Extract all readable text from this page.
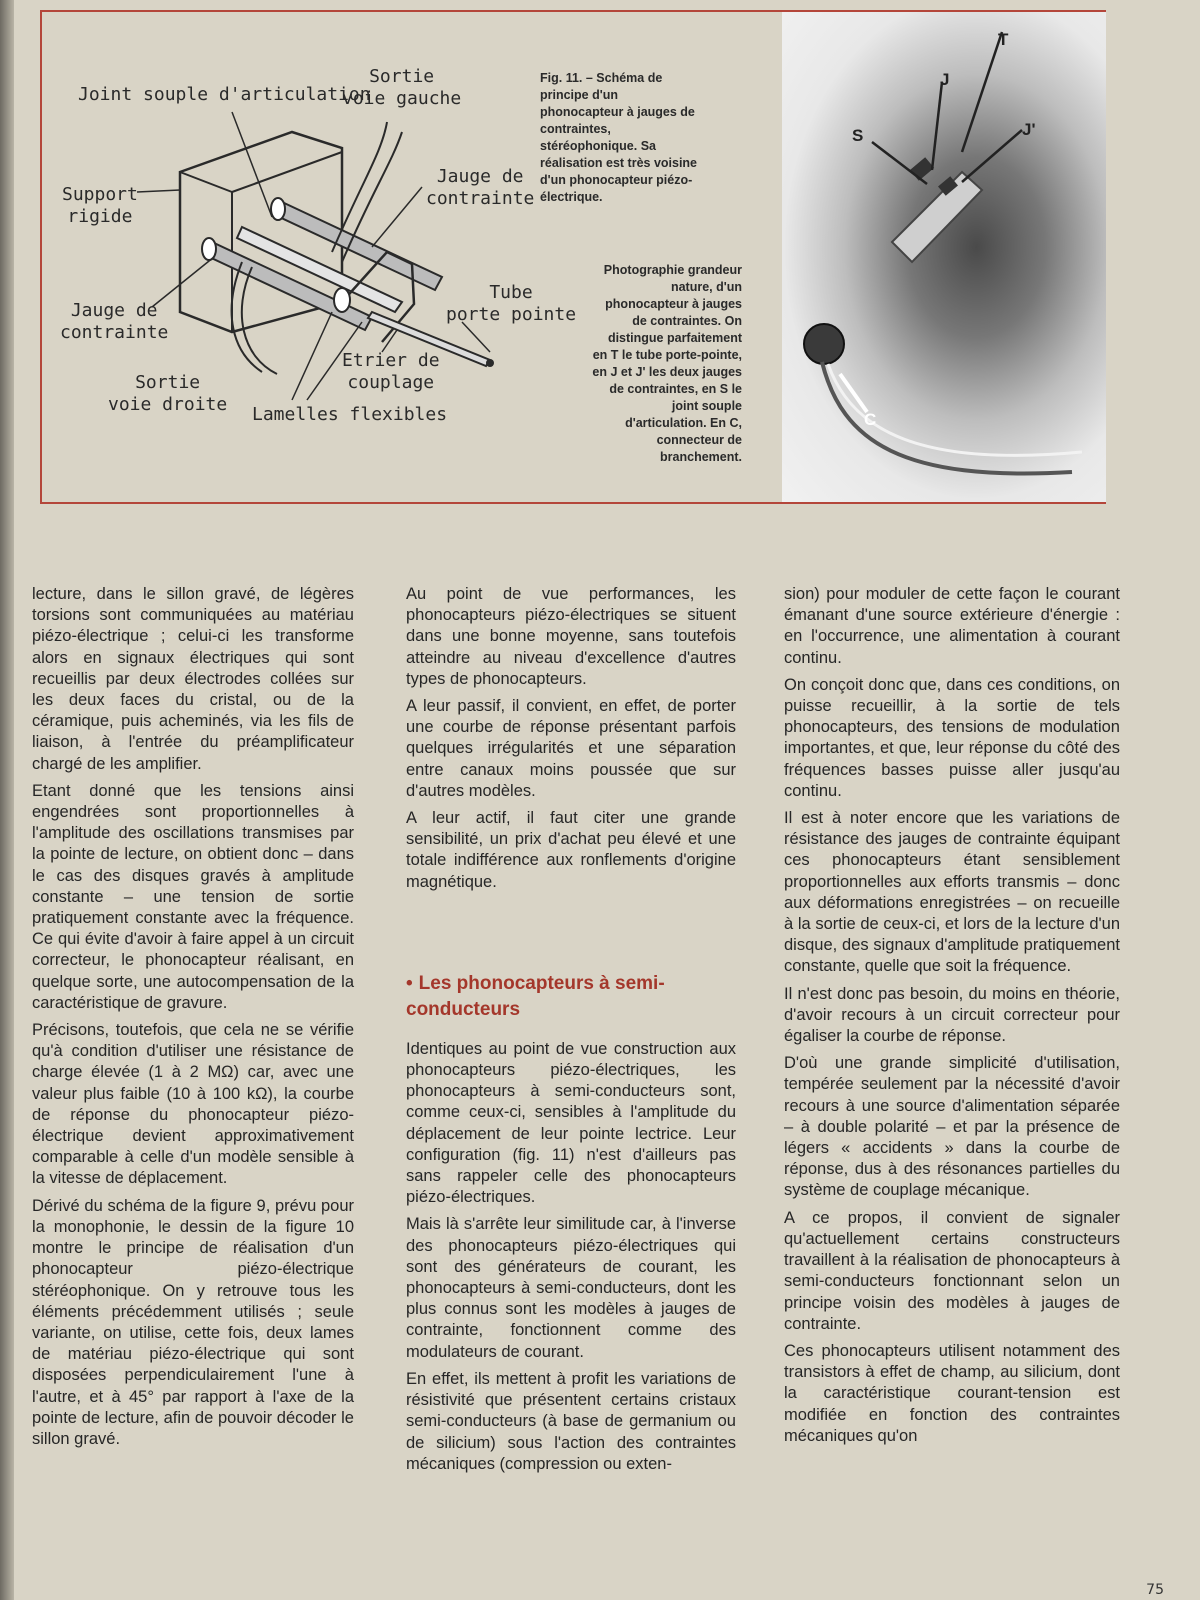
Joint souple d'articulation
Sortie
voie gauche
Jauge de
contrainte
Support
rigide
Jauge de
contrainte
Tube
porte pointe
Etrier de
couplage
Sortie
voie droite Lamelles flexibles
Fig. 11. – Schéma de principe d'un phonocapteur à jauges de contraintes, stéréophonique. Sa réalisation est très voisine d'un phonocapteur piézo-électrique.
Photographie grandeur nature, d'un phonocapteur à jauges de contraintes. On distingue parfaitement en T le tube porte-pointe, en J et J' les deux jauges de contraintes, en S le joint souple d'articulation. En C, connecteur de branchement.
T
J
J'
S
C

lecture, dans le sillon gravé, de légères torsions sont communiquées au matériau piézo-électrique ; celui-ci les transforme alors en signaux électriques qui sont recueillis par deux électrodes collées sur les deux faces du cristal, ou de la céramique, puis acheminés, via les fils de liaison, à l'entrée du préamplificateur chargé de les amplifier.

Etant donné que les tensions ainsi engendrées sont proportionnelles à l'amplitude des oscillations transmises par la pointe de lecture, on obtient donc – dans le cas des disques gravés à amplitude constante – une tension de sortie pratiquement constante avec la fréquence. Ce qui évite d'avoir à faire appel à un circuit correcteur, le phonocapteur réalisant, en quelque sorte, une autocompensation de la caractéristique de gravure.

Précisons, toutefois, que cela ne se vérifie qu'à condition d'utiliser une résistance de charge élevée (1 à 2 MΩ) car, avec une valeur plus faible (10 à 100 kΩ), la courbe de réponse du phonocapteur piézo-électrique devient approximativement comparable à celle d'un modèle sensible à la vitesse de déplacement.

Dérivé du schéma de la figure 9, prévu pour la monophonie, le dessin de la figure 10 montre le principe de réalisation d'un phonocapteur piézo-électrique stéréophonique. On y retrouve tous les éléments précédemment utilisés ; seule variante, on utilise, cette fois, deux lames de matériau piézo-électrique qui sont disposées perpendiculairement l'une à l'autre, et à 45° par rapport à l'axe de la pointe de lecture, afin de pouvoir décoder le sillon gravé.

Au point de vue performances, les phonocapteurs piézo-électriques se situent dans une bonne moyenne, sans toutefois atteindre au niveau d'excellence d'autres types de phonocapteurs.

A leur passif, il convient, en effet, de porter une courbe de réponse présentant parfois quelques irrégularités et une séparation entre canaux moins poussée que sur d'autres modèles.

A leur actif, il faut citer une grande sensibilité, un prix d'achat peu élevé et une totale indifférence aux ronflements d'origine magnétique.

• Les phonocapteurs à semi-conducteurs

Identiques au point de vue construction aux phonocapteurs piézo-électriques, les phonocapteurs à semi-conducteurs sont, comme ceux-ci, sensibles à l'amplitude du déplacement de leur pointe lectrice. Leur configuration (fig. 11) n'est d'ailleurs pas sans rappeler celle des phonocapteurs piézo-électriques.

Mais là s'arrête leur similitude car, à l'inverse des phonocapteurs piézo-électriques qui sont des générateurs de courant, les phonocapteurs à semi-conducteurs, dont les plus connus sont les modèles à jauges de contrainte, fonctionnent comme des modulateurs de courant.

En effet, ils mettent à profit les variations de résistivité que présentent certains cristaux semi-conducteurs (à base de germanium ou de silicium) sous l'action des contraintes mécaniques (compression ou exten-

sion) pour moduler de cette façon le courant émanant d'une source extérieure d'énergie : en l'occurrence, une alimentation à courant continu.

On conçoit donc que, dans ces conditions, on puisse recueillir, à la sortie de tels phonocapteurs, des tensions de modulation importantes, et que, leur réponse du côté des fréquences basses puisse aller jusqu'au continu.

Il est à noter encore que les variations de résistance des jauges de contrainte équipant ces phonocapteurs étant sensiblement proportionnelles aux efforts transmis – donc aux déformations enregistrées – on recueille à la sortie de ceux-ci, et lors de la lecture d'un disque, des signaux d'amplitude pratiquement constante, quelle que soit la fréquence.

Il n'est donc pas besoin, du moins en théorie, d'avoir recours à un circuit correcteur pour égaliser la courbe de réponse.

D'où une grande simplicité d'utilisation, tempérée seulement par la nécessité d'avoir recours à une source d'alimentation séparée – à double polarité – et par la présence de légers « accidents » dans la courbe de réponse, dus à des résonances partielles du système de couplage mécanique.

A ce propos, il convient de signaler qu'actuellement certains constructeurs travaillent à la réalisation de phonocapteurs à semi-conducteurs fonctionnant selon un principe voisin des modèles à jauges de contrainte.

Ces phonocapteurs utilisent notamment des transistors à effet de champ, au silicium, dont la caractéristique courant-tension est modifiée en fonction des contraintes mécaniques qu'on

75
